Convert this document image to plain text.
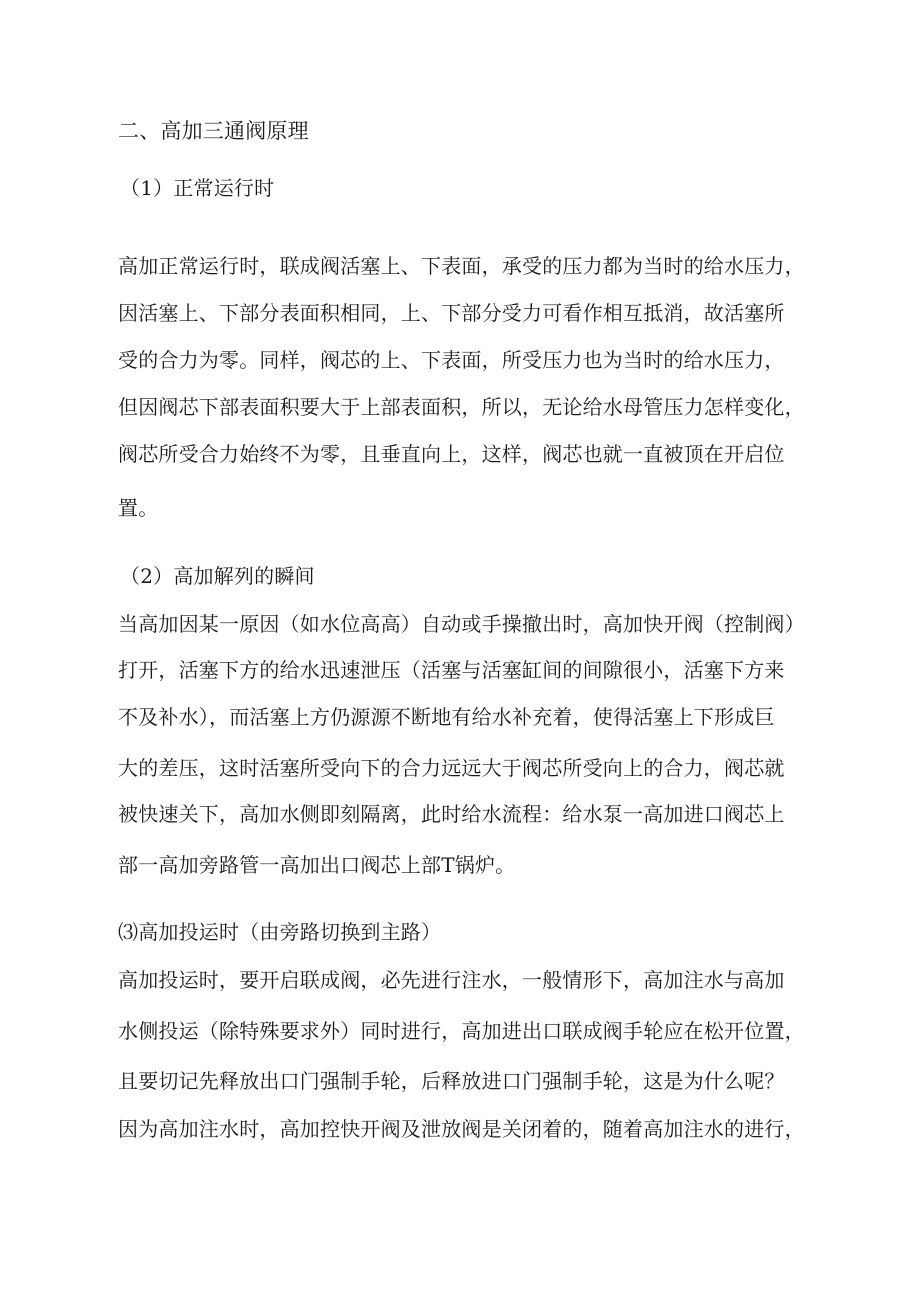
二、高加三通阀原理
（1）正常运行时
高加正常运行时，联成阀活塞上、下表面，承受的压力都为当时的给水压力，
因活塞上、下部分表面积相同，上、下部分受力可看作相互抵消，故活塞所
受的合力为零。同样，阀芯的上、下表面，所受压力也为当时的给水压力，
但因阀芯下部表面积要大于上部表面积，所以，无论给水母管压力怎样变化，
阀芯所受合力始终不为零，且垂直向上，这样，阀芯也就一直被顶在开启位
置。
（2）高加解列的瞬间
当高加因某一原因（如水位高高）自动或手操撤出时，高加快开阀（控制阀）
打开，活塞下方的给水迅速泄压（活塞与活塞缸间的间隙很小，活塞下方来
不及补水），而活塞上方仍源源不断地有给水补充着，使得活塞上下形成巨
大的差压，这时活塞所受向下的合力远远大于阀芯所受向上的合力，阀芯就
被快速关下，高加水侧即刻隔离，此时给水流程：给水泵一高加进口阀芯上
部一高加旁路管一高加出口阀芯上部T锅炉。
⑶高加投运时（由旁路切换到主路）
高加投运时，要开启联成阀，必先进行注水，一般情形下，高加注水与高加
水侧投运（除特殊要求外）同时进行，高加进出口联成阀手轮应在松开位置，
且要切记先释放出口门强制手轮，后释放进口门强制手轮，这是为什么呢？
因为高加注水时，高加控快开阀及泄放阀是关闭着的，随着高加注水的进行，
